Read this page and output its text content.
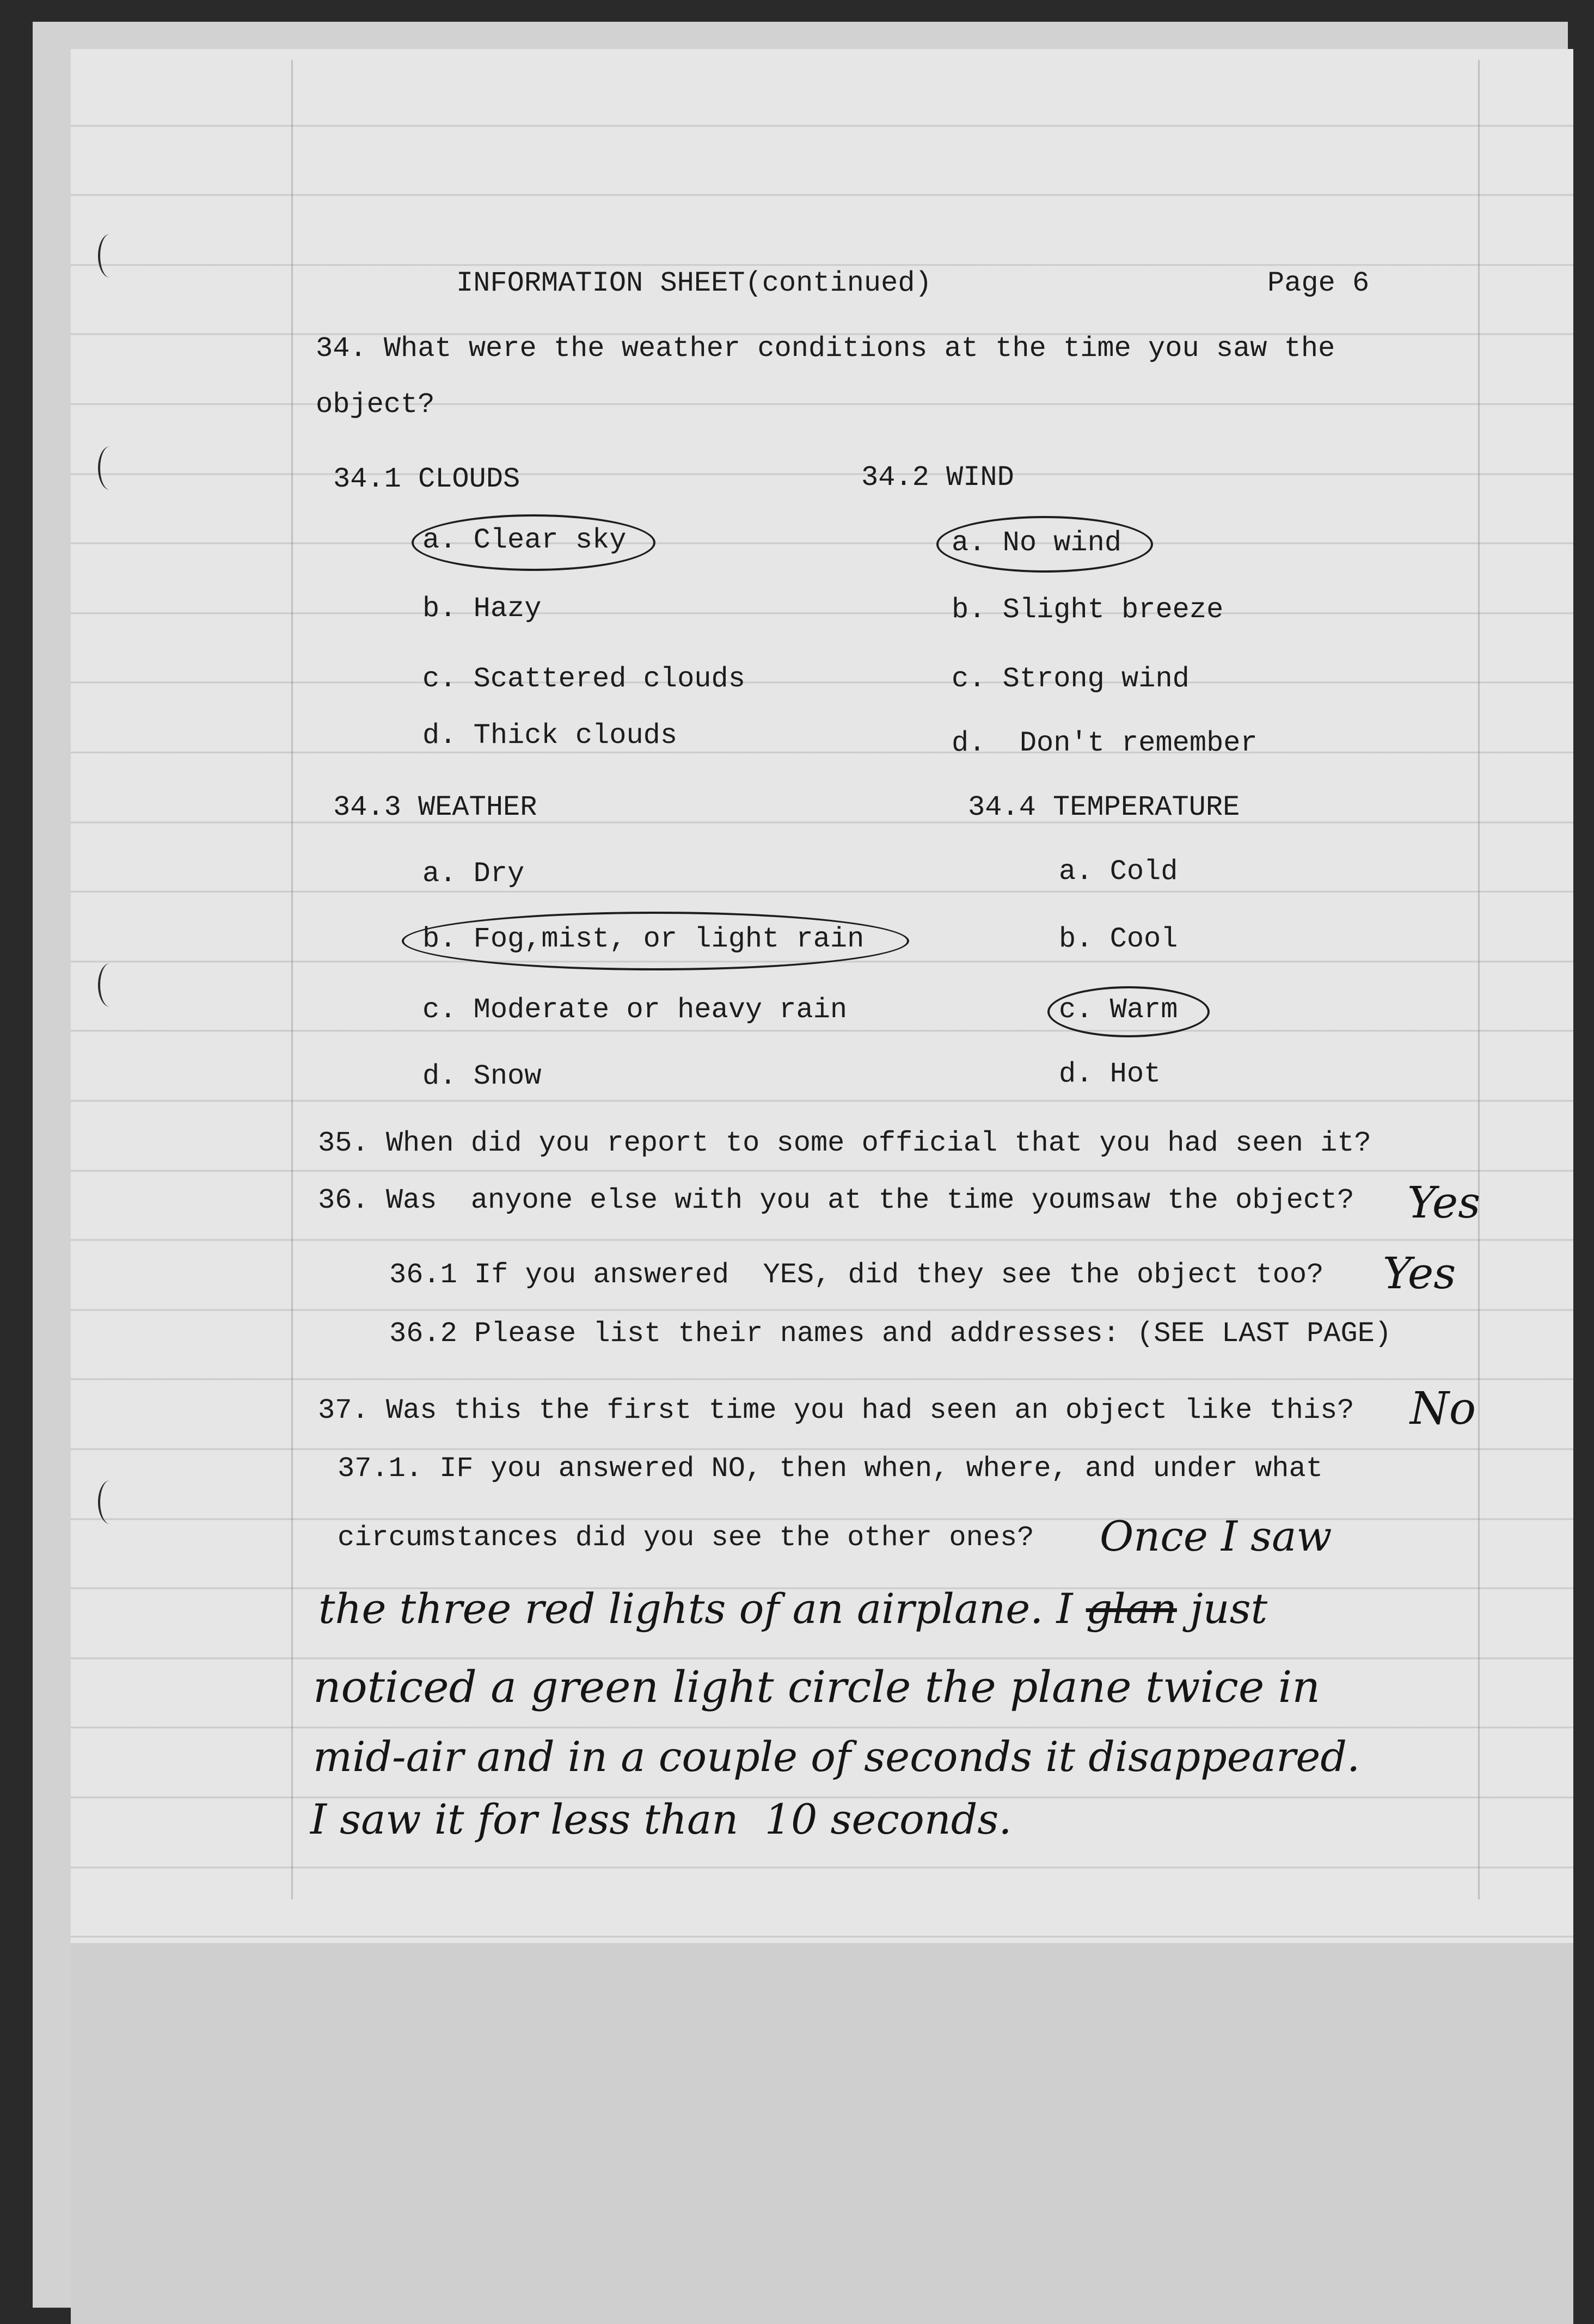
INFORMATION SHEET(continued)	Page 6
34. What were the weather conditions at the time you saw the
object?
34.1 CLOUDS	34.2 WIND
a. Clear sky	a. No wind
b. Hazy	b. Slight breeze
c. Scattered clouds	c. Strong wind
d. Thick clouds	d.  Don't remember
34.3 WEATHER	34.4 TEMPERATURE
a. Dry	a. Cold
b. Fog,mist, or light rain	b. Cool
c. Moderate or heavy rain	c. Warm
d. Snow	d. Hot
35. When did you report to some official that you had seen it?
36. Was  anyone else with you at the time youmsaw the object? Yes
36.1 If you answered  YES, did they see the object too? Yes
36.2 Please list their names and addresses: (SEE LAST PAGE)
37. Was this the first time you had seen an object like this? No
37.1. IF you answered NO, then when, where, and under what
circumstances did you see the other ones? Once I saw
the three red lights of an airplane. I glan just
noticed a green light circle the plane twice in
mid-air and in a couple of seconds it disappeared.
I saw it for less than  10 seconds.
